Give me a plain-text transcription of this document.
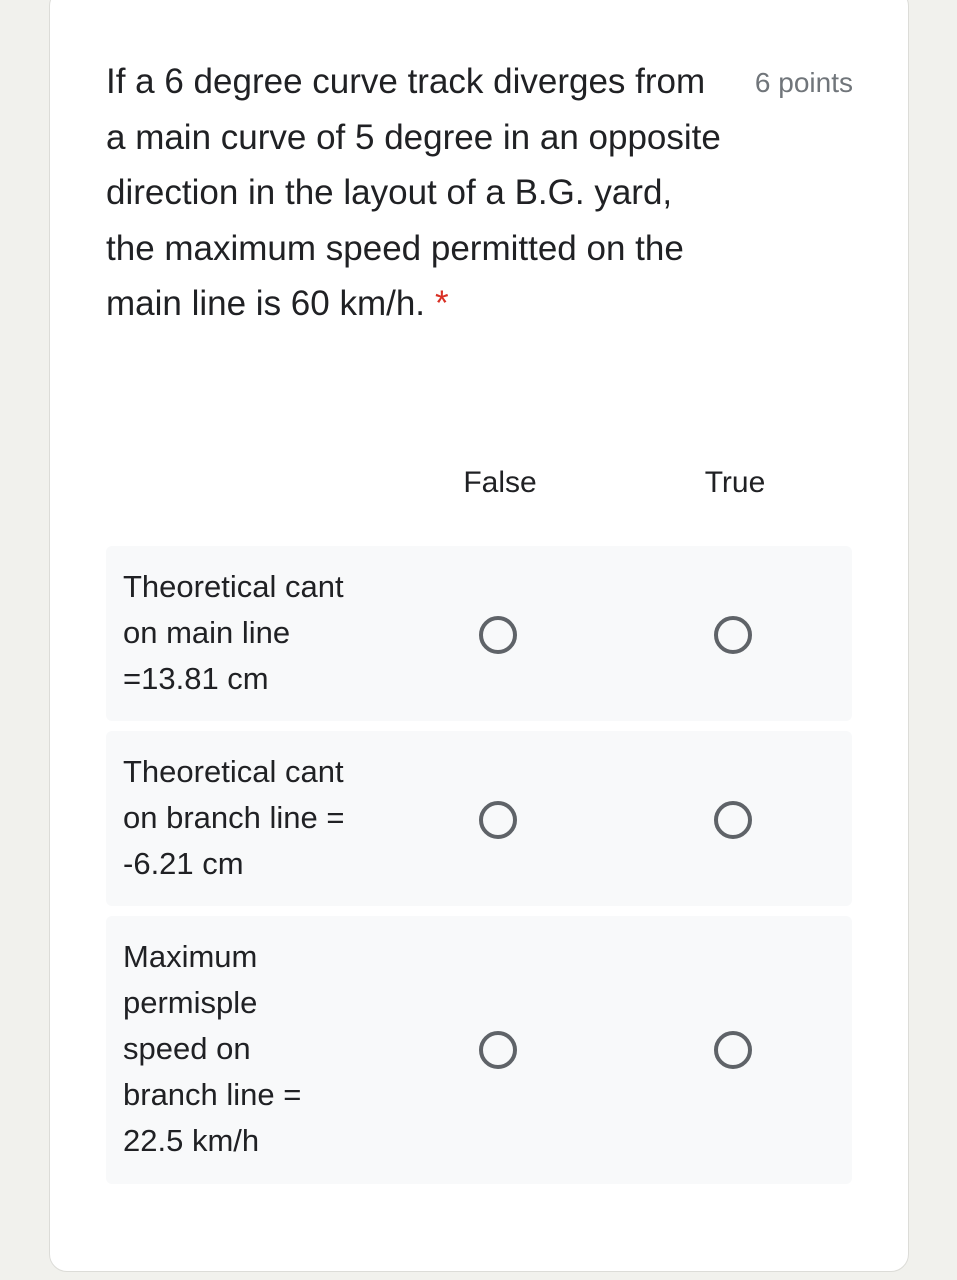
If a 6 degree curve track diverges from a main curve of 5 degree in an opposite direction in the layout of a B.G. yard, the maximum speed permitted on the main line is 60 km/h. *

6 points
False	True
Theoretical cant on main line =13.81 cm
Theoretical cant on branch line = -6.21 cm
Maximum permisple speed on branch line = 22.5 km/h
